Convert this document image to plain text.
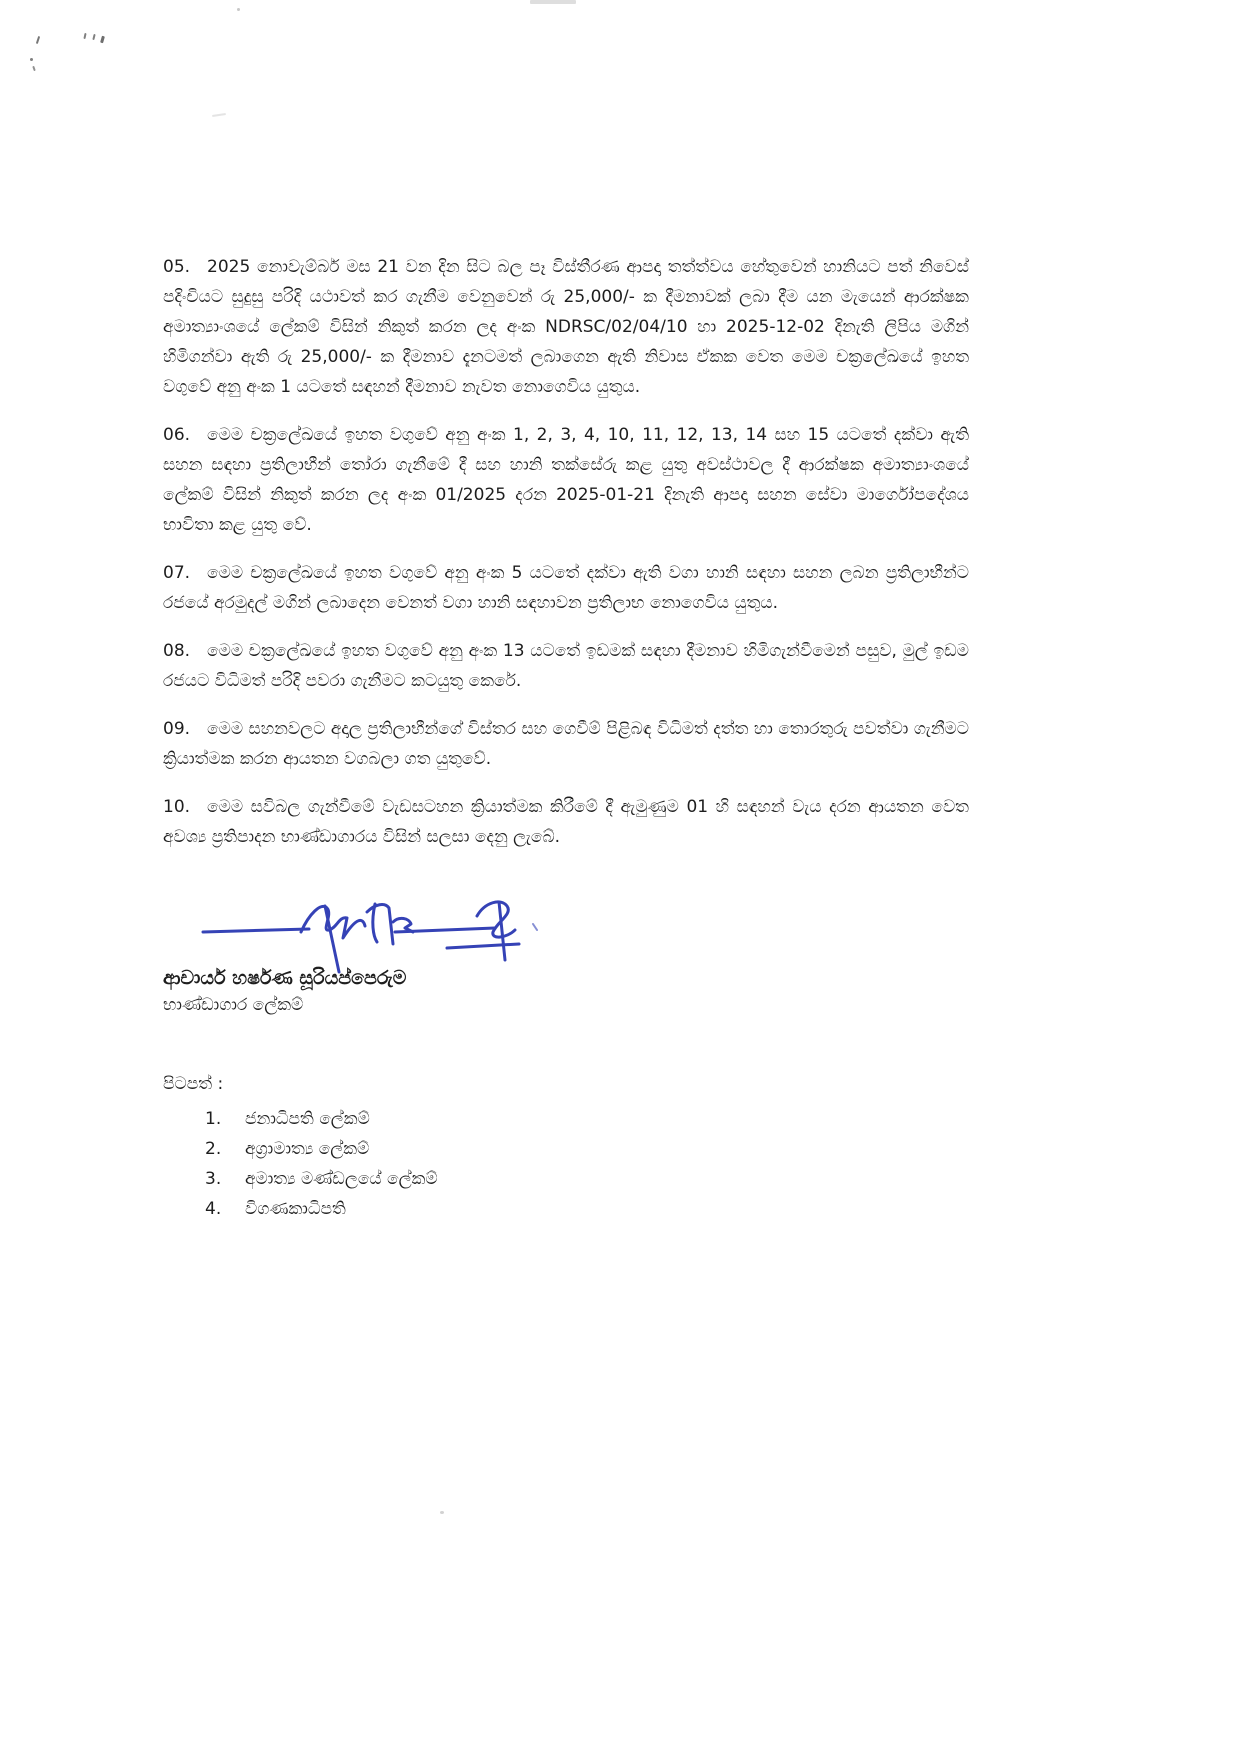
05. 2025 නොවැම්බර් මස 21 වන දින සිට බල පෑ විස්තීරණ ආපදා තත්ත්වය හේතුවෙන් හානියට පත් නිවෙස් පදිංචියට සුදුසු පරිදි යථාවත් කර ගැනීම වෙනුවෙන් රු 25,000/- ක දීමනාවක් ලබා දීම යන මැයෙන් ආරක්ෂක අමාත්‍යාංශයේ ලේකම් විසින් නිකුත් කරන ලද අංක NDRSC/02/04/10 හා 2025-12-02 දිනැති ලිපිය මගින් හිමිගන්වා ඇති රු 25,000/- ක දීමනාව දැනටමත් ලබාගෙන ඇති නිවාස ඒකක වෙත මෙම චක්‍රලේඛයේ ඉහත වගුවේ අනු අංක 1 යටතේ සඳහන් දීමනාව නැවත නොගෙවිය යුතුය.

06. මෙම චක්‍රලේඛයේ ඉහත වගුවේ අනු අංක 1, 2, 3, 4, 10, 11, 12, 13, 14 සහ 15 යටතේ දක්වා ඇති සහන සඳහා ප්‍රතිලාභීන් තෝරා ගැනීමේ දී සහ හානි තක්සේරු කළ යුතු අවස්ථාවල දී ආරක්ෂක අමාත්‍යාංශයේ ලේකම් විසින් නිකුත් කරන ලද අංක 01/2025 දරන 2025-01-21 දිනැති ආපදා සහන සේවා මාර්ගෝපදේශය භාවිතා කළ යුතු වේ.

07. මෙම චක්‍රලේඛයේ ඉහත වගුවේ අනු අංක 5 යටතේ දක්වා ඇති වගා හානි සඳහා සහන ලබන ප්‍රතිලාභීන්ට රජයේ අරමුදල් මගින් ලබාදෙන වෙනත් වගා හානි සඳහාවන ප්‍රතිලාභ නොගෙවිය යුතුය.

08. මෙම චක්‍රලේඛයේ ඉහත වගුවේ අනු අංක 13 යටතේ ඉඩමක් සඳහා දීමනාව හිමිගැන්වීමෙන් පසුව, මුල් ඉඩම රජයට විධිමත් පරිදි පවරා ගැනීමට කටයුතු කෙරේ.

09. මෙම සහනවලට අදාල ප්‍රතිලාභීන්ගේ විස්තර සහ ගෙවීම් පිළිබඳ විධිමත් දත්ත හා තොරතුරු පවත්වා ගැනීමට ක්‍රියාත්මක කරන ආයතන වගබලා ගත යුතුවේ.

10. මෙම සවිබල ගැන්වීමේ වැඩසටහන ක්‍රියාත්මක කිරීමේ දී ඇමුණුම 01 හි සඳහන් වැය දරන ආයතන වෙත අවශ්‍ය ප්‍රතිපාදන භාණ්ඩාගාරය විසින් සලසා දෙනු ලැබේ.

ආචාර්ය හර්ෂණ සූරියප්පෙරුම
භාණ්ඩාගාර ලේකම්
පිටපත් :
1.	ජනාධිපති ලේකම්
2.	අග්‍රාමාත්‍ය ලේකම්
3.	අමාත්‍ය මණ්ඩලයේ ලේකම්
4.	විගණකාධිපති
